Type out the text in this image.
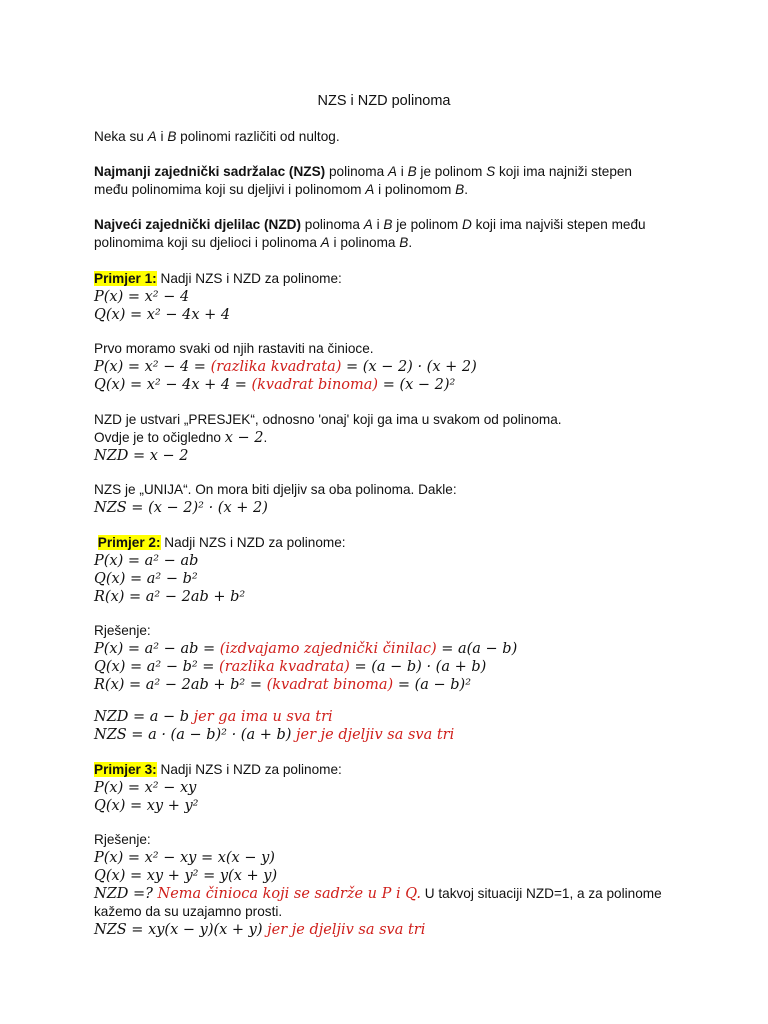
NZS i NZD polinoma
Neka su A i B polinomi različiti od nultog.
Najmanji zajednički sadržalac (NZS) polinoma A i B je polinom S koji ima najniži stepen
među polinomima koji su djeljivi i polinomom A i polinomom B.
Najveći zajednički djelilac (NZD) polinoma A i B je polinom D koji ima najviši stepen među
polinomima koji su djelioci i polinoma A i polinoma B.
Primjer 1: Nadji NZS i NZD za polinome:
P(x) = x² − 4
Q(x) = x² − 4x + 4
Prvo moramo svaki od njih rastaviti na činioce.
P(x) = x² − 4 = (razlika kvadrata) = (x − 2) · (x + 2)
Q(x) = x² − 4x + 4 = (kvadrat binoma) = (x − 2)²
NZD je ustvari „PRESJEK“, odnosno 'onaj' koji ga ima u svakom od polinoma.
Ovdje je to očigledno x − 2.
NZD = x − 2
NZS je „UNIJA“. On mora biti djeljiv sa oba polinoma. Dakle:
NZS = (x − 2)² · (x + 2)
Primjer 2: Nadji NZS i NZD za polinome:
P(x) = a² − ab
Q(x) = a² − b²
R(x) = a² − 2ab + b²
Rješenje:
P(x) = a² − ab = (izdvajamo zajednički činilac) = a(a − b)
Q(x) = a² − b² = (razlika kvadrata) = (a − b) · (a + b)
R(x) = a² − 2ab + b² = (kvadrat binoma) = (a − b)²
NZD = a − b jer ga ima u sva tri
NZS = a · (a − b)² · (a + b) jer je djeljiv sa sva tri
Primjer 3: Nadji NZS i NZD za polinome:
P(x) = x² − xy
Q(x) = xy + y²
Rješenje:
P(x) = x² − xy = x(x − y)
Q(x) = xy + y² = y(x + y)
NZD =? Nema činioca koji se sadrže u P i Q. U takvoj situaciji NZD=1, a za polinome
kažemo da su uzajamno prosti.
NZS = xy(x − y)(x + y) jer je djeljiv sa sva tri
